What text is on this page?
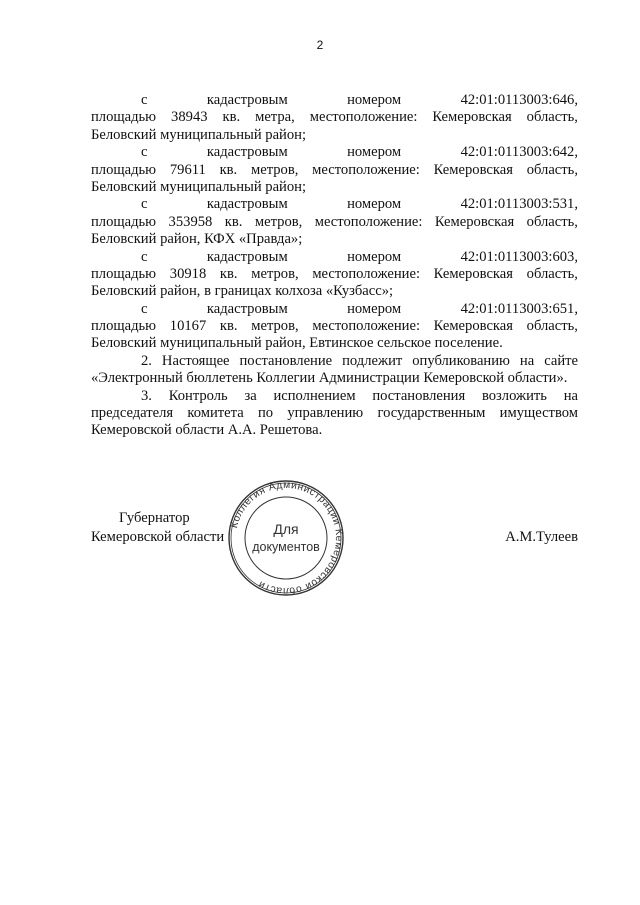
2
с	кадастровым	номером	42:01:0113003:646,
площадью 38943 кв. метра, местоположение: Кемеровская область,
Беловский муниципальный район;
с	кадастровым	номером	42:01:0113003:642,
площадью 79611 кв. метров, местоположение: Кемеровская область,
Беловский муниципальный район;
с	кадастровым	номером	42:01:0113003:531,
площадью 353958 кв. метров, местоположение: Кемеровская область,
Беловский район, КФХ «Правда»;
с	кадастровым	номером	42:01:0113003:603,
площадью 30918 кв. метров, местоположение: Кемеровская область,
Беловский район, в границах колхоза «Кузбасс»;
с	кадастровым	номером	42:01:0113003:651,
площадью 10167 кв. метров, местоположение: Кемеровская область,
Беловский муниципальный район, Евтинское сельское поселение.

2. Настоящее постановление подлежит опубликованию на сайте «Электронный бюллетень Коллегии Администрации Кемеровской области».

3. Контроль за исполнением постановления возложить на председателя комитета по управлению государственным имуществом Кемеровской области А.А. Решетова.

Губернатор
Кемеровской области	А.М.Тулеев
Коллегия Администрации Кемеровской области
Для
документов
